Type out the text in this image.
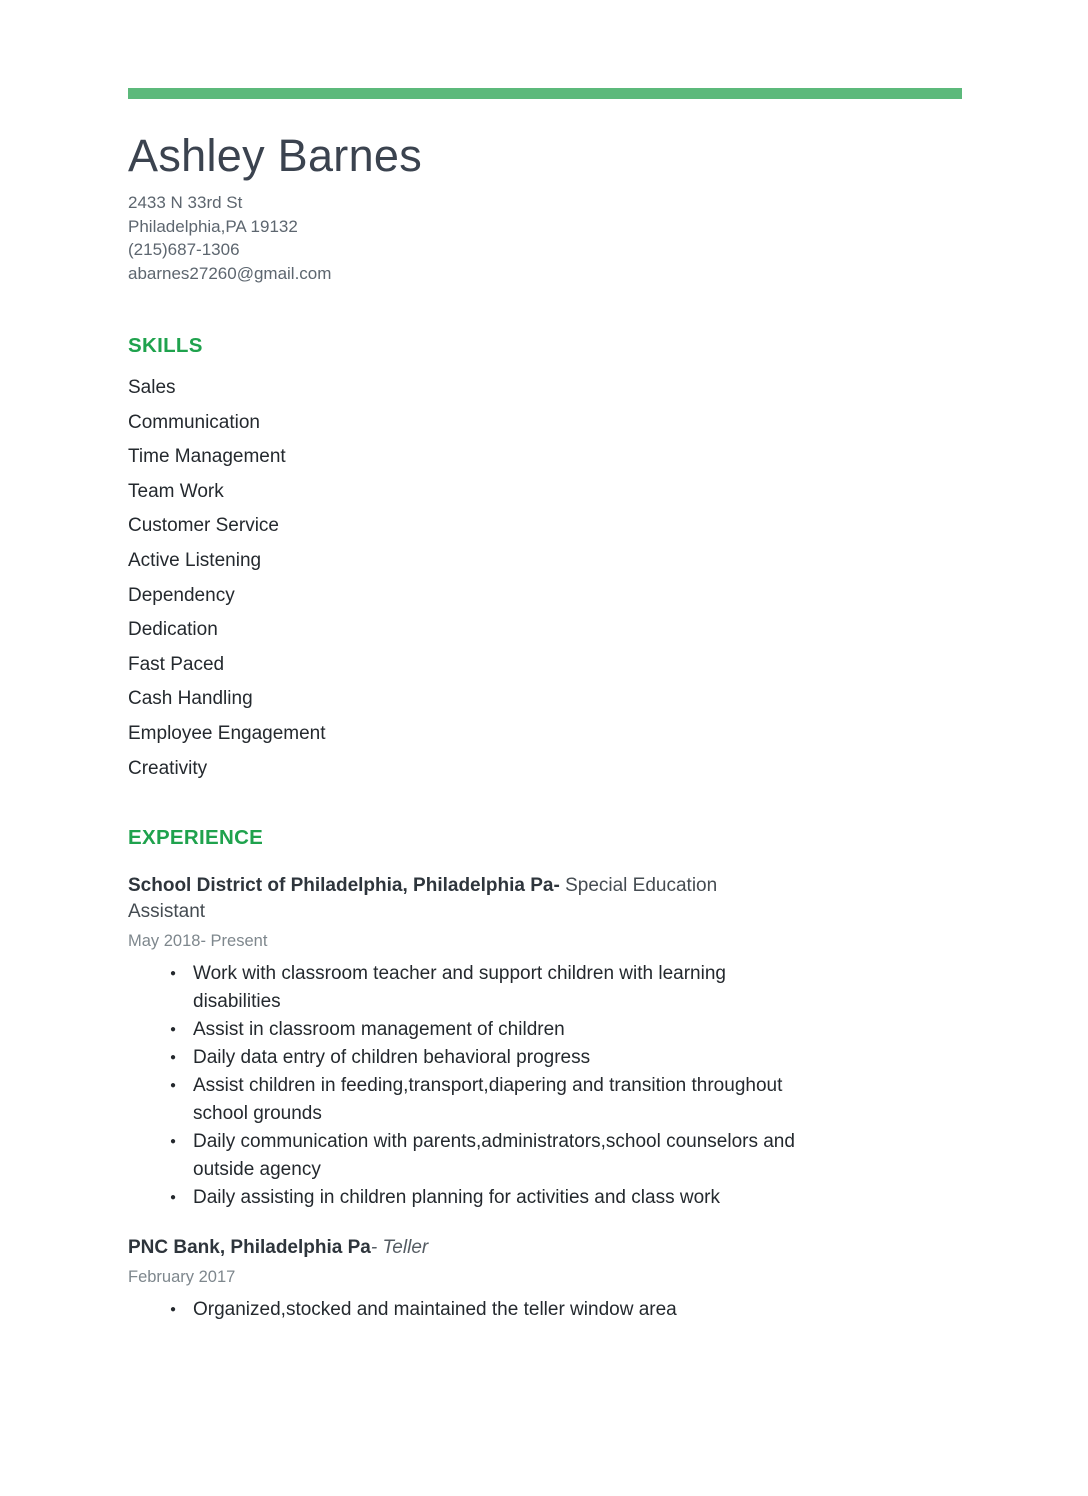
Ashley Barnes
2433 N 33rd St
Philadelphia,PA 19132
(215)687-1306
abarnes27260@gmail.com
SKILLS
Sales
Communication
Time Management
Team Work
Customer Service
Active Listening
Dependency
Dedication
Fast Paced
Cash Handling
Employee Engagement
Creativity
EXPERIENCE

School District of Philadelphia, Philadelphia Pa- Special Education Assistant

May 2018- Present

● Work with classroom teacher and support children with learning disabilities
● Assist in classroom management of children
● Daily data entry of children behavioral progress
● Assist children in feeding,transport,diapering and transition throughout school grounds
● Daily communication with parents,administrators,school counselors and outside agency
● Daily assisting in children planning for activities and class work

PNC Bank, Philadelphia Pa- Teller

February 2017

● Organized,stocked and maintained the teller window area
